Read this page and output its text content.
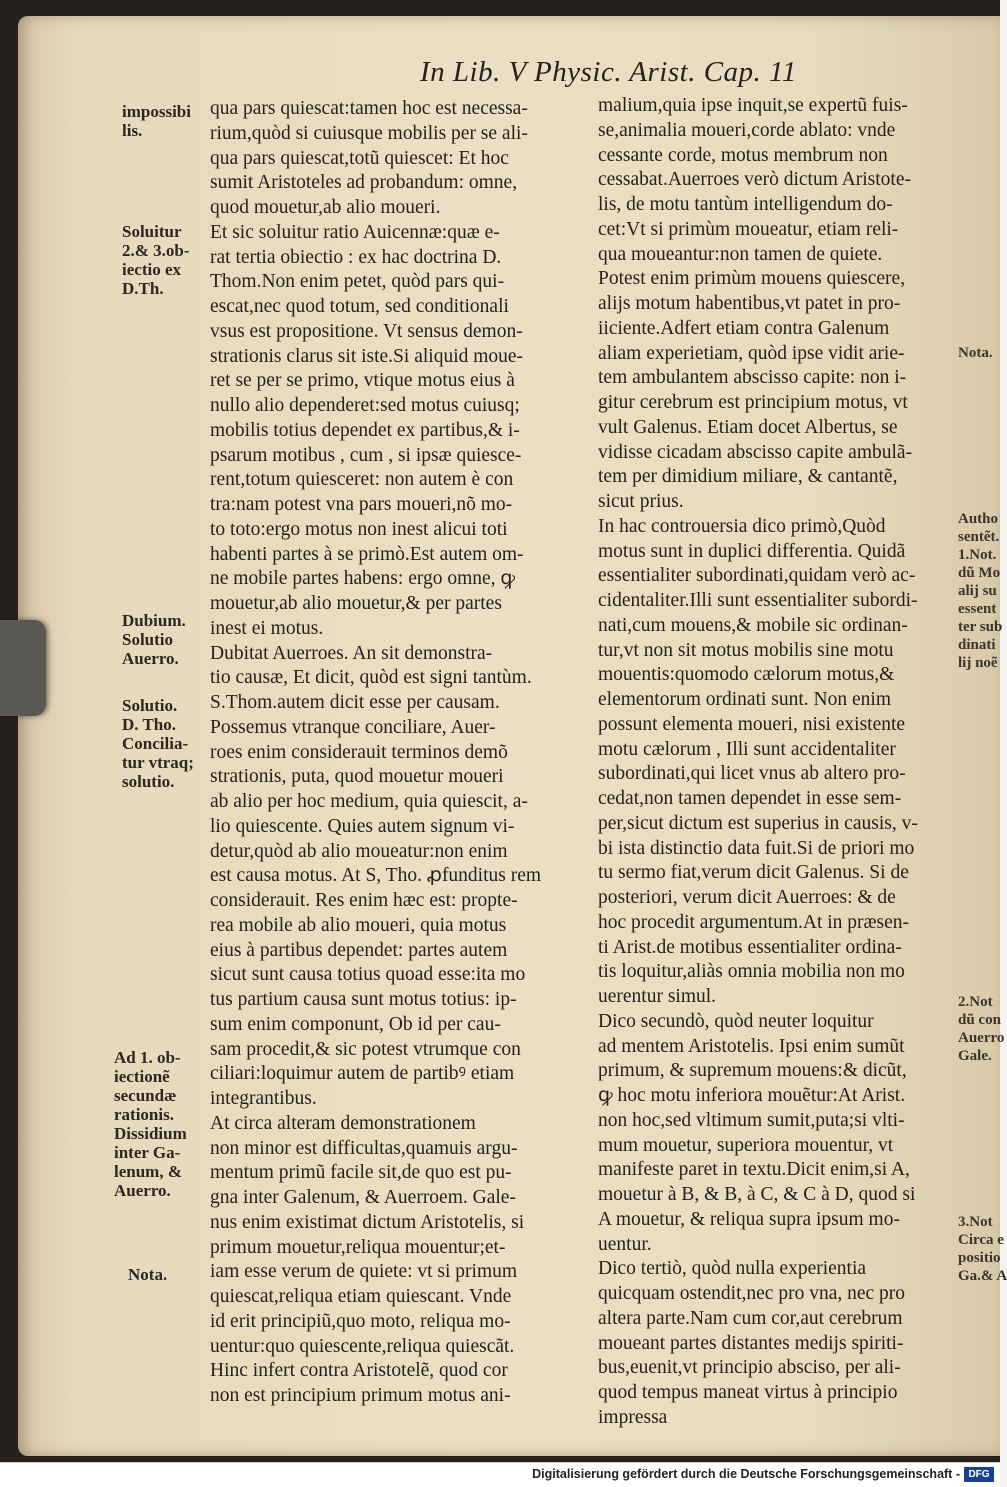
In Lib. V Physic. Arist. Cap. 11
qua pars quiescat:tamen hoc est necessa-
rium,quòd si cuiusque mobilis per se ali-
qua pars quiescat,totũ quiescet: Et hoc
sumit Aristoteles ad probandum: omne,
quod mouetur,ab alio moueri.
Et sic soluitur ratio Auicennæ:quæ e-
rat tertia obiectio : ex hac doctrina D.
Thom.Non enim petet, quòd pars qui-
escat,nec quod totum, sed conditionali
vsus est propositione. Vt sensus demon-
strationis clarus sit iste.Si aliquid moue-
ret se per se primo, vtique motus eius à
nullo alio dependeret:sed motus cuiusq;
mobilis totius dependet ex partibus,& i-
psarum motibus , cum , si ipsæ quiesce-
rent,totum quiesceret: non autem è con
tra:nam potest vna pars moueri,nõ mo-
to toto:ergo motus non inest alicui toti
habenti partes à se primò.Est autem om-
ne mobile partes habens: ergo omne, ꝙ
mouetur,ab alio mouetur,& per partes
inest ei motus.
Dubitat Auerroes. An sit demonstra-
tio causæ, Et dicit, quòd est signi tantùm.
S.Thom.autem dicit esse per causam.
Possemus vtranque conciliare, Auer-
roes enim considerauit terminos demõ
strationis, puta, quod mouetur moueri
ab alio per hoc medium, quia quiescit, a-
lio quiescente. Quies autem signum vi-
detur,quòd ab alio moueatur:non enim
est causa motus. At S, Tho. ꝓfunditus rem
considerauit. Res enim hæc est: propte-
rea mobile ab alio moueri, quia motus
eius à partibus dependet: partes autem
sicut sunt causa totius quoad esse:ita mo
tus partium causa sunt motus totius: ip-
sum enim componunt, Ob id per cau-
sam procedit,& sic potest vtrumque con
ciliari:loquimur autem de partibꝰ etiam
integrantibus.
At circa alteram demonstrationem
non minor est difficultas,quamuis argu-
mentum primũ facile sit,de quo est pu-
gna inter Galenum, & Auerroem. Gale-
nus enim existimat dictum Aristotelis, si
primum mouetur,reliqua mouentur;et-
iam esse verum de quiete: vt si primum
quiescat,reliqua etiam quiescant. Vnde
id erit principiũ,quo moto, reliqua mo-
uentur:quo quiescente,reliqua quiescãt.
Hinc infert contra Aristotelẽ, quod cor
non est principium primum motus ani-
malium,quia ipse inquit,se expertũ fuis-
se,animalia moueri,corde ablato: vnde
cessante corde, motus membrum non
cessabat.Auerroes verò dictum Aristote-
lis, de motu tantùm intelligendum do-
cet:Vt si primùm moueatur, etiam reli-
qua moueantur:non tamen de quiete.
Potest enim primùm mouens quiescere,
alijs motum habentibus,vt patet in pro-
iiciente.Adfert etiam contra Galenum
aliam experietiam, quòd ipse vidit arie-
tem ambulantem abscisso capite: non i-
gitur cerebrum est principium motus, vt
vult Galenus. Etiam docet Albertus, se
vidisse cicadam abscisso capite ambulã-
tem per dimidium miliare, & cantantẽ,
sicut prius.
In hac controuersia dico primò,Quòd
motus sunt in duplici differentia. Quidã
essentialiter subordinati,quidam verò ac-
cidentaliter.Illi sunt essentialiter subordi-
nati,cum mouens,& mobile sic ordinan-
tur,vt non sit motus mobilis sine motu
mouentis:quomodo cælorum motus,&
elementorum ordinati sunt. Non enim
possunt elementa moueri, nisi existente
motu cælorum , Illi sunt accidentaliter
subordinati,qui licet vnus ab altero pro-
cedat,non tamen dependet in esse sem-
per,sicut dictum est superius in causis, v-
bi ista distinctio data fuit.Si de priori mo
tu sermo fiat,verum dicit Galenus. Si de
posteriori, verum dicit Auerroes: & de
hoc procedit argumentum.At in præsen-
ti Arist.de motibus essentialiter ordina-
tis loquitur,aliàs omnia mobilia non mo
uerentur simul.
Dico secundò, quòd neuter loquitur
ad mentem Aristotelis. Ipsi enim sumũt
primum, & supremum mouens:& dicũt,
ꝙ hoc motu inferiora mouẽtur:At Arist.
non hoc,sed vltimum sumit,puta;si vlti-
mum mouetur, superiora mouentur, vt
manifeste paret in textu.Dicit enim,si A,
mouetur à B, & B, à C, & C à D, quod si
A mouetur, & reliqua supra ipsum mo-
uentur.
Dico tertiò, quòd nulla experientia
quicquam ostendit,nec pro vna, nec pro
altera parte.Nam cum cor,aut cerebrum
moueant partes distantes medijs spiriti-
bus,euenit,vt principio absciso, per ali-
quod tempus maneat virtus à principio
impressa
impossibi
lis.
Soluitur
2.& 3.ob-
iectio ex
D.Th.
Dubium.
Solutio
Auerro.
Solutio.
D. Tho.
Concilia-
tur vtraq;
solutio.
Ad 1. ob-
iectionẽ
secundæ
rationis.
Dissidium
inter Ga-
lenum, &
Auerro.
Nota.
Nota.
Autho
sentẽt.
1.Not.
dũ Mo
alij su
essent
ter sub
dinati
lij noẽ
2.Not
dũ con
Auerro
Gale.
3.Not
Circa e
positio
Ga.& A
Digitalisierung gefördert durch die Deutsche Forschungsgemeinschaft - DFG
